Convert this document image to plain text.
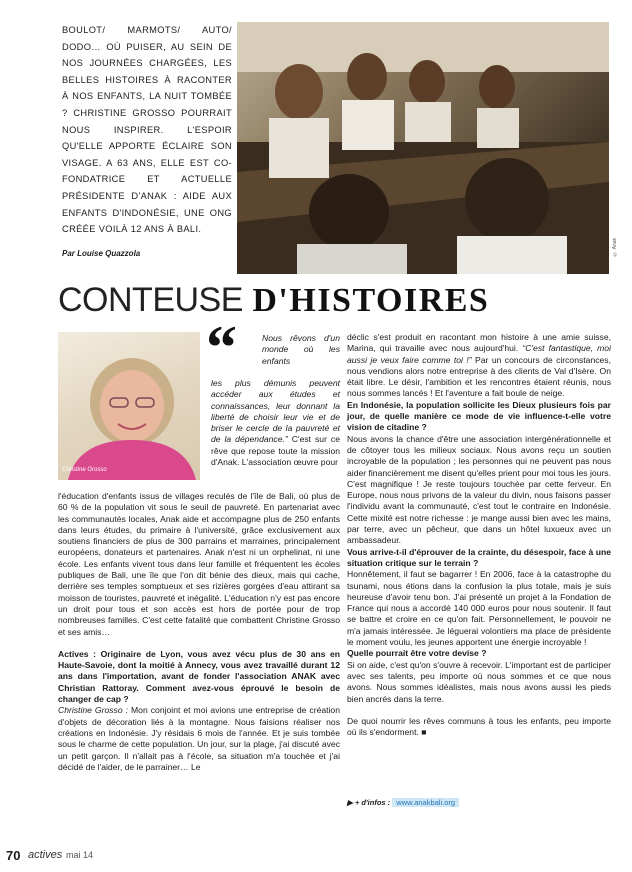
BOULOT/ MARMOTS/ AUTO/ DODO… OÙ PUISER, AU SEIN DE NOS JOURNÉES CHARGÉES, LES BELLES HISTOIRES À RACONTER À NOS ENFANTS, LA NUIT TOMBÉE ? CHRISTINE GROSSO POURRAIT NOUS INSPIRER. L'ESPOIR QU'ELLE APPORTE ÉCLAIRE SON VISAGE. A 63 ANS, ELLE EST CO-FONDATRICE ET ACTUELLE PRÉSIDENTE D'ANAK : AIDE AUX ENFANTS D'INDONÉSIE, UNE ONG CRÉÉE VOILÀ 12 ANS À BALI.
Par Louise Quazzola	© Anak
CONTEUSE D'HISTOIRES
Christine Grosso
“	Nous rêvons d'un monde où les enfants
les plus démunis peuvent accéder aux études et connaissances, leur donnant la liberté de choisir leur vie et de briser le cercle de la pauvreté et de la dépendance.” C'est sur ce rêve que repose toute la mission d'Anak. L'association œuvre pour
l'éducation d'enfants issus de villages reculés de l'île de Bali, où plus de 60 % de la population vit sous le seuil de pauvreté. En partenariat avec les communautés locales, Anak aide et accompagne plus de 250 enfants dans leurs études, du primaire à l'université, grâce exclusivement aux soutiens financiers de plus de 300 parrains et marraines, principalement européens, donateurs et partenaires. Anak n'est ni un orphelinat, ni une école. Les enfants vivent tous dans leur famille et fréquentent les écoles publiques de Bali, une île que l'on dit bénie des dieux, mais qui cache, derrière ses temples somptueux et ses rizières gorgées d'eau attirant sa moisson de touristes, pauvreté et inégalité. L'éducation n'y est pas encore un droit pour tous et son accès est hors de portée pour de trop nombreuses familles. C'est cette fatalité que combattent Christine Grosso et ses amis…
Actives : Originaire de Lyon, vous avez vécu plus de 30 ans en Haute-Savoie, dont la moitié à Annecy, vous avez travaillé durant 12 ans dans l'importation, avant de fonder l'association ANAK avec Christian Rattoray. Comment avez-vous éprouvé le besoin de changer de cap ?
Christine Grosso : Mon conjoint et moi avions une entreprise de création d'objets de décoration liés à la montagne. Nous faisions réaliser nos créations en Indonésie. J'y résidais 6 mois de l'année. Et je suis tombée sous le charme de cette population. Un jour, sur la plage, j'ai discuté avec un petit garçon. Il n'allait pas à l'école, sa situation m'a touchée et j'ai décidé de l'aider, de le parrainer… Le
déclic s'est produit en racontant mon histoire à une amie suisse, Marina, qui travaille avec nous aujourd'hui. “C'est fantastique, moi aussi je veux faire comme toi !” Par un concours de circonstances, nous vendions alors notre entreprise à des clients de Val d'Isère. On était libre. Le désir, l'ambition et les rencontres étaient réunis, nous nous sommes lancés ! Et l'aventure a fait boule de neige.
En Indonésie, la population sollicite les Dieux plusieurs fois par jour, de quelle manière ce mode de vie influence-t-elle votre vision de citadine ?
Nous avons la chance d'être une association intergénérationnelle et de côtoyer tous les milieux sociaux. Nous avons reçu un soutien incroyable de la population ; les personnes qui ne peuvent pas nous aider financièrement me disent qu'elles prient pour moi tous les jours. C'est magnifique ! Je reste toujours touchée par cette ferveur. En Europe, nous nous privons de la valeur du divin, nous faisons passer l'individu avant la communauté, c'est tout le contraire en Indonésie. Cette mixité est notre richesse : je mange aussi bien avec les mains, par terre, avec un pêcheur, que dans un hôtel luxueux avec un ambassadeur.
Vous arrive-t-il d'éprouver de la crainte, du désespoir, face à une situation critique sur le terrain ?
Honnêtement, il faut se bagarrer ! En 2006, face à la catastrophe du tsunami, nous étions dans la confusion la plus totale, mais je suis heureuse d'avoir tenu bon. J'ai présenté un projet à la Fondation de France qui nous a accordé 140 000 euros pour nous soutenir. Il faut se battre et croire en ce qu'on fait. Personnellement, le pouvoir ne m'a jamais intéressée. Je léguerai volontiers ma place de présidente le moment voulu, les jeunes apportent une énergie incroyable !
Quelle pourrait être votre devise ?
Si on aide, c'est qu'on s'ouvre à recevoir. L'important est de participer avec ses talents, peu importe où nous sommes et ce que nous avons. Nous sommes idéalistes, mais nous avons aussi les pieds bien ancrés dans la terre.
De quoi nourrir les rêves communs à tous les enfants, peu importe où ils s'endorment. ■
▶ + d'infos : www.anakbali.org
70 actives mai 14
